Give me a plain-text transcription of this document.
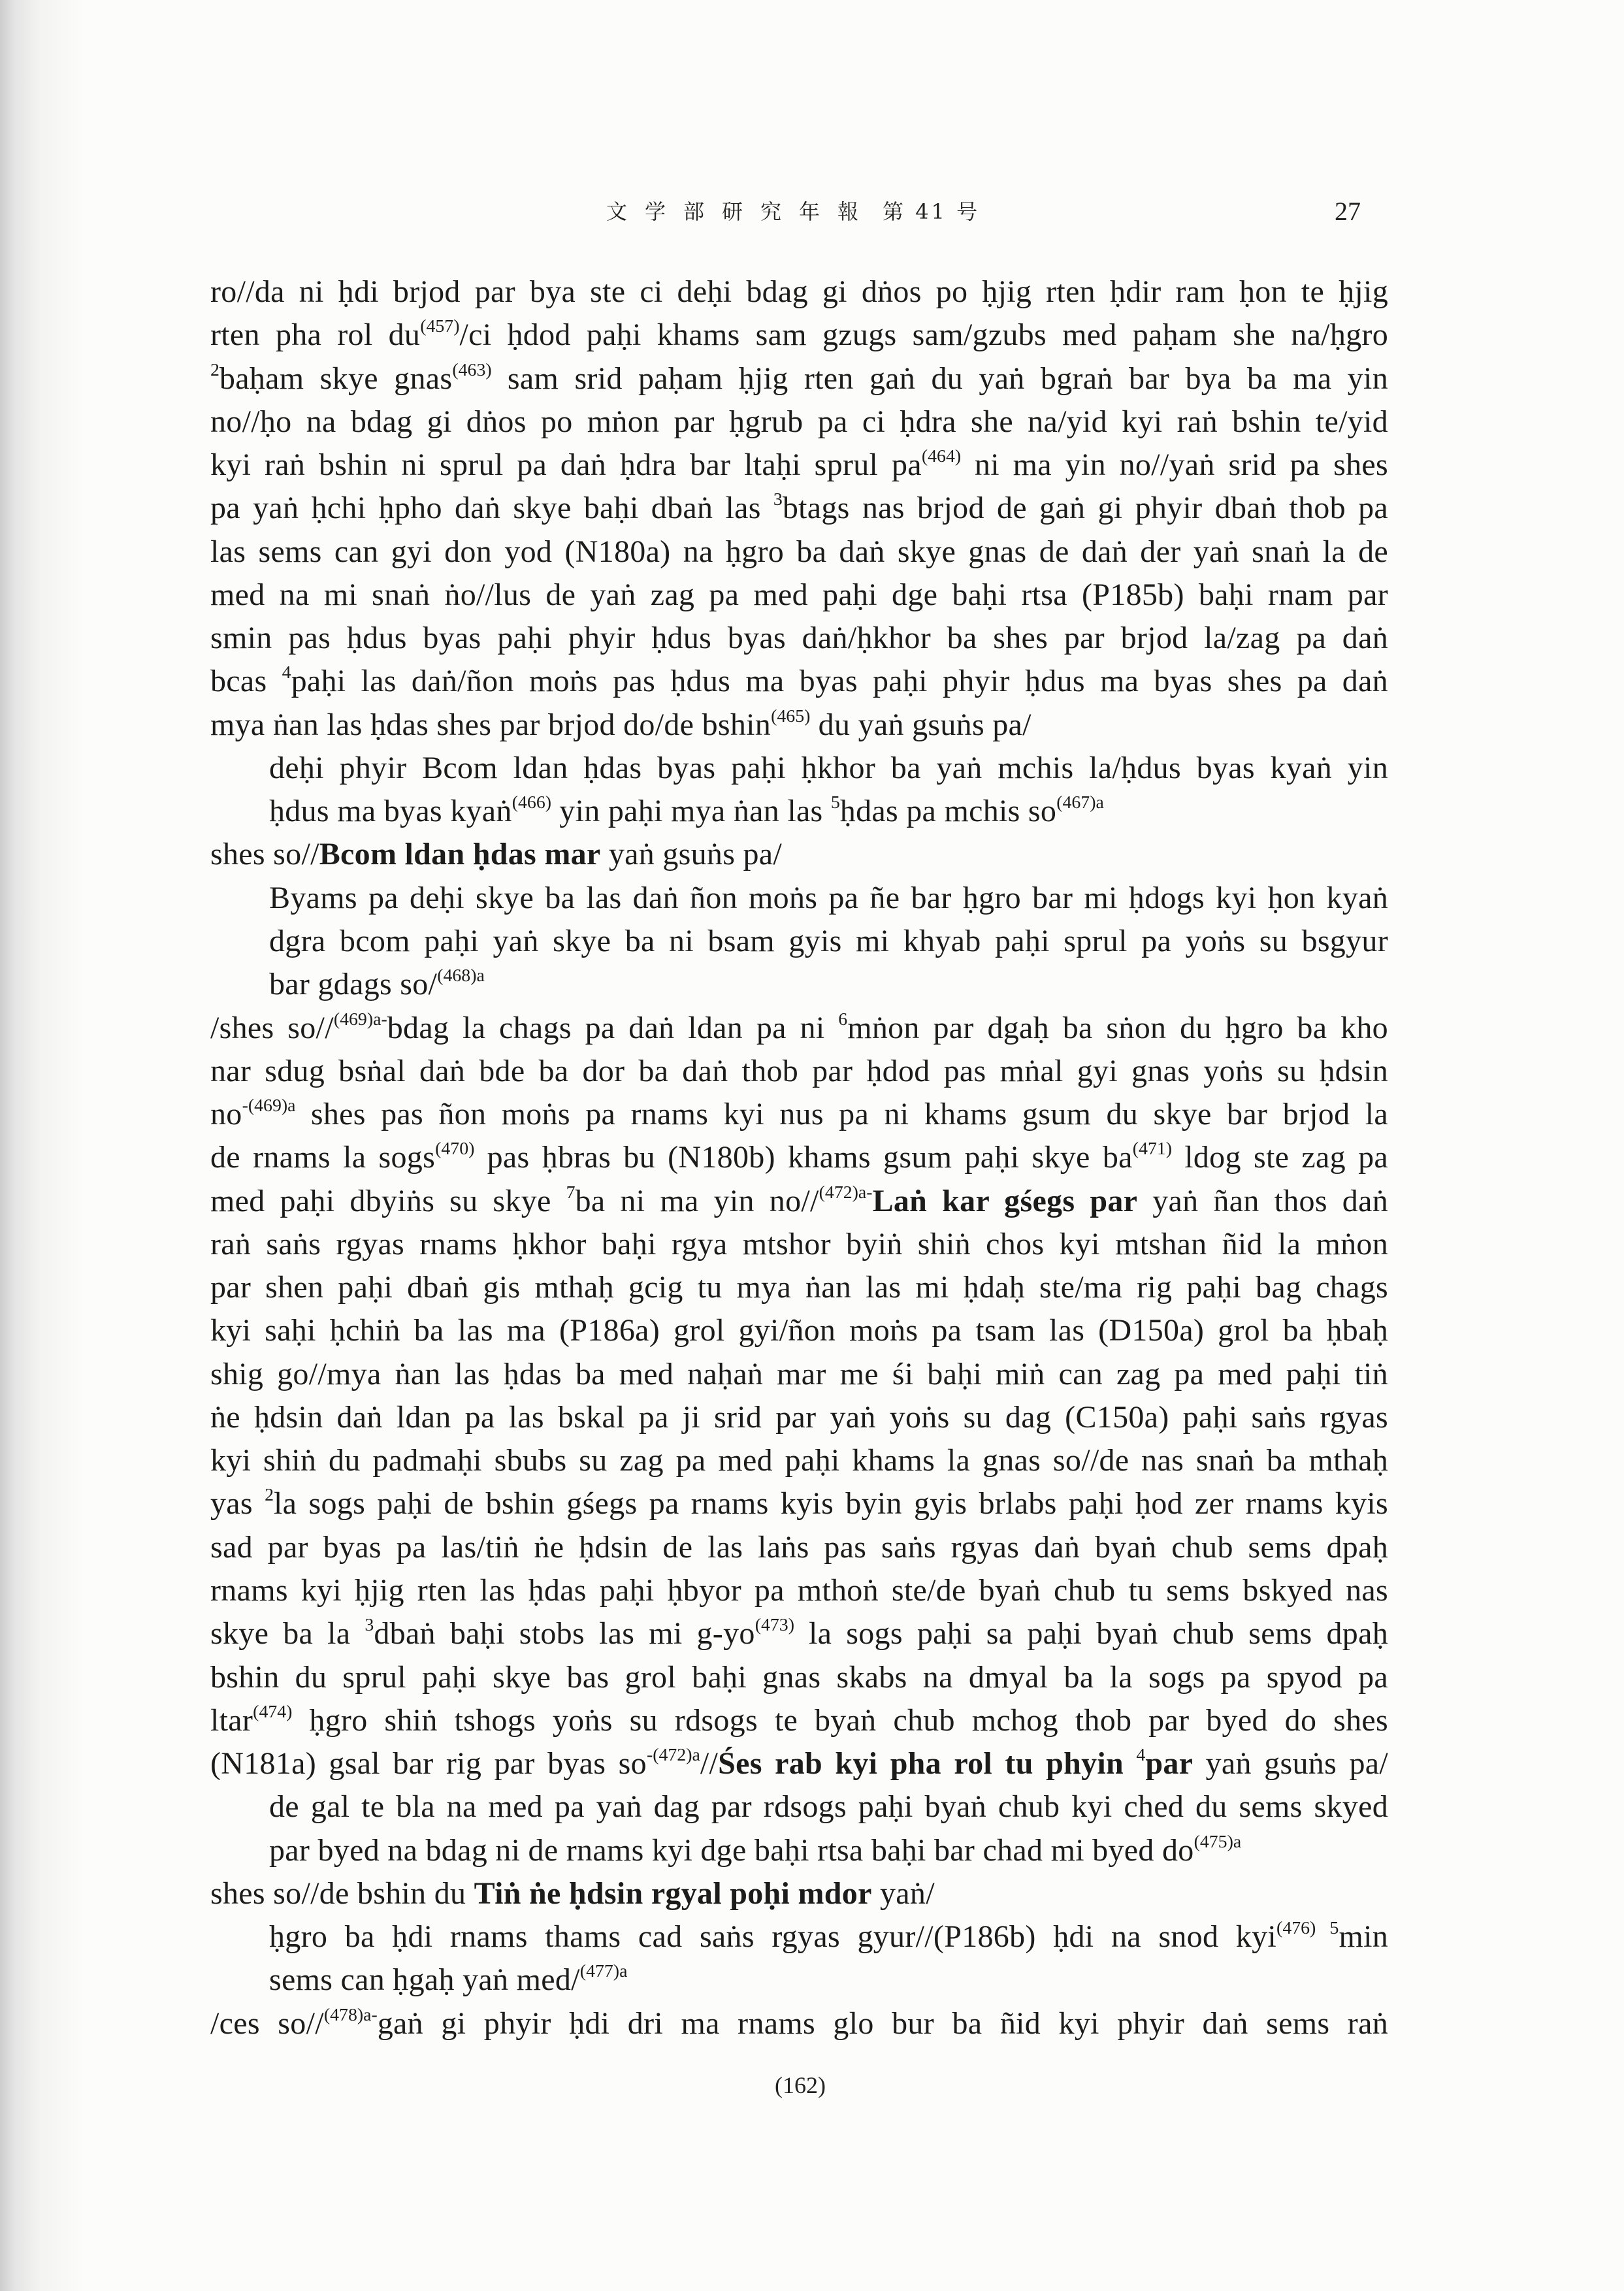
文学部研究年報 第 41 号	27
ro//da ni ḥdi brjod par bya ste ci deḥi bdag gi dṅos po ḥjig rten ḥdir ram ḥon te ḥjig
rten pha rol $du^{(457)}/ci$ ḥdod paḥi khams sam gzugs sam/gzubs med paḥam she na/ḥgro
$^2$baḥam skye gnas$^{(463)}$ sam srid paḥam ḥjig rten gaṅ du yaṅ bgraṅ bar bya ba ma yin
no//ḥo na bdag gi dṅos po mṅon par ḥgrub pa ci ḥdra she na/yid kyi raṅ bshin te/yid
kyi raṅ bshin ni sprul pa daṅ ḥdra bar ltaḥi sprul $pa^{(464)}$ ni ma yin no//yaṅ srid pa shes
pa yaṅ ḥchi ḥpho daṅ skye baḥi dbaṅ las $^3$btags nas brjod de gaṅ gi phyir dbaṅ thob pa
las sems can gyi don yod (N180a) na ḥgro ba daṅ skye gnas de daṅ der yaṅ snaṅ la de
med na mi snaṅ ṅo//lus de yaṅ zag pa med paḥi dge baḥi rtsa (P185b) baḥi rnam par
smin pas ḥdus byas paḥi phyir ḥdus byas daṅ/ḥkhor ba shes par brjod la/zag pa daṅ
bcas $^4$paḥi las daṅ/ñon moṅs pas ḥdus ma byas paḥi phyir ḥdus ma byas shes pa daṅ
mya ṅan las ḥdas shes par brjod do/de bshin$^{(465)}$ du yaṅ gsuṅs pa/
deḥi phyir Bcom ldan ḥdas byas paḥi ḥkhor ba yaṅ mchis la/ḥdus byas kyaṅ yin
ḥdus ma byas kyaṅ$^{(466)}$ yin paḥi mya ṅan las $^5$ḥdas pa mchis $so^{(467)a}$
shes so//Bcom ldan ḥdas mar yaṅ gsuṅs pa/
Byams pa deḥi skye ba las daṅ ñon moṅs pa ñe bar ḥgro bar mi ḥdogs kyi ḥon kyaṅ
dgra bcom paḥi yaṅ skye ba ni bsam gyis mi khyab paḥi sprul pa yoṅs su bsgyur
bar gdags so/$^{(468)a}$
/shes so//$^{(469)a-}$bdag la chags pa daṅ ldan pa ni $^6$mṅon par dgaḥ ba sṅon du ḥgro ba kho
nar sdug bsṅal daṅ bde ba dor ba daṅ thob par ḥdod pas mṅal gyi gnas yoṅs su ḥdsin
$no^{-(469)a}$ shes pas ñon moṅs pa rnams kyi nus pa ni khams gsum du skye bar brjod la
de rnams la sogs$^{(470)}$ pas ḥbras bu (N180b) khams gsum paḥi skye $ba^{(471)}$ ldog ste zag pa
med paḥi dbyiṅs su skye $^7$ba ni ma yin no//$^{(472)a-}$Laṅ kar gśegs par yaṅ ñan thos daṅ
raṅ saṅs rgyas rnams ḥkhor baḥi rgya mtshor byiṅ shiṅ chos kyi mtshan ñid la mṅon
par shen paḥi dbaṅ gis mthaḥ gcig tu mya ṅan las mi ḥdaḥ ste/ma rig paḥi bag chags
kyi saḥi ḥchiṅ ba las ma (P186a) grol gyi/ñon moṅs pa tsam las (D150a) grol ba ḥbaḥ
shig go//mya ṅan las ḥdas ba med naḥaṅ mar me śi baḥi miṅ can zag pa med paḥi tiṅ
ṅe ḥdsin daṅ ldan pa las bskal pa ji srid par yaṅ yoṅs su dag (C150a) paḥi saṅs rgyas
kyi shiṅ du padmaḥi sbubs su zag pa med paḥi khams la gnas so//de nas snaṅ ba mthaḥ
yas $^2$la sogs paḥi de bshin gśegs pa rnams kyis byin gyis brlabs paḥi ḥod zer rnams kyis
sad par byas pa las/tiṅ ṅe ḥdsin de las laṅs pas saṅs rgyas daṅ byaṅ chub sems dpaḥ
rnams kyi ḥjig rten las ḥdas paḥi ḥbyor pa mthoṅ ste/de byaṅ chub tu sems bskyed nas
skye ba la $^3$dbaṅ baḥi stobs las mi $g-yo^{(473)}$ la sogs paḥi sa paḥi byaṅ chub sems dpaḥ
bshin du sprul paḥi skye bas grol baḥi gnas skabs na dmyal ba la sogs pa spyod pa
ltar$^{(474)}$ ḥgro shiṅ tshogs yoṅs su rdsogs te byaṅ chub mchog thob par byed do shes
(N181a) gsal bar rig par byas $so^{-(472)a}/$/Śes rab kyi pha rol tu phyin $^4$par yaṅ gsuṅs pa/
de gal te bla na med pa yaṅ dag par rdsogs paḥi byaṅ chub kyi ched du sems skyed
par byed na bdag ni de rnams kyi dge baḥi rtsa baḥi bar chad mi byed $do^{(475)a}$
shes so//de bshin du Tiṅ ṅe ḥdsin rgyal poḥi mdor yaṅ/
ḥgro ba ḥdi rnams thams cad saṅs rgyas gyur//(P186b) ḥdi na snod kyi$^{(476)}$ $^5$min
sems can ḥgaḥ yaṅ med/$^{(477)a}$
/ces so//$^{(478)a-}$gaṅ gi phyir ḥdi dri ma rnams glo bur ba ñid kyi phyir daṅ sems raṅ
(162)
